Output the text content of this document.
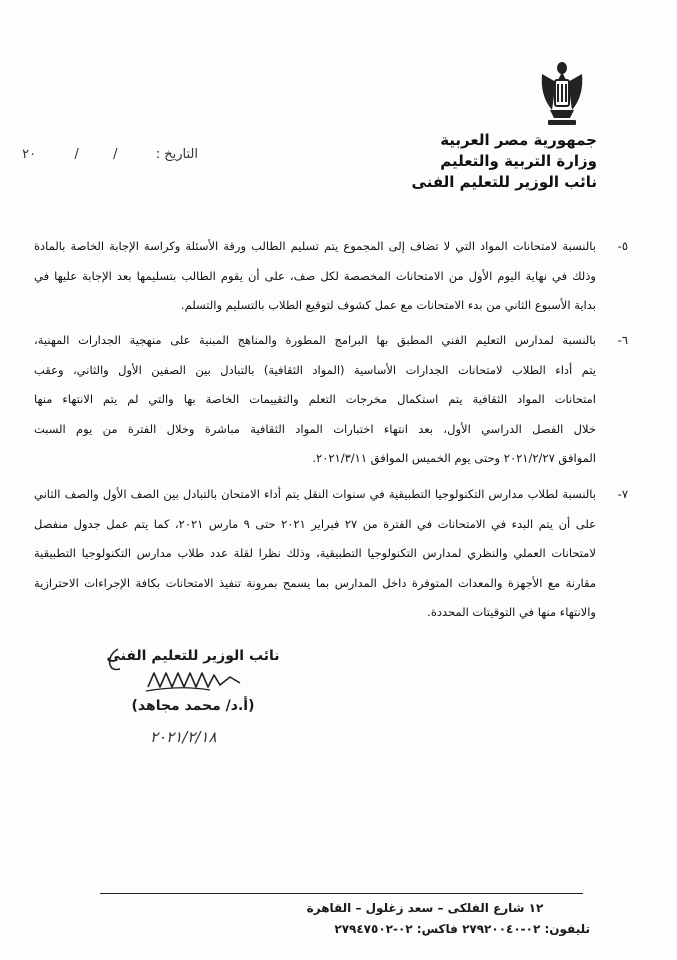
جمهورية مصر العربية
وزارة التربية والتعليم
نائب الوزير للتعليم الفنى
التاريخ :  /  /  ٢٠
٥-
بالنسبة لامتحانات المواد التي لا تضاف إلى المجموع يتم تسليم الطالب ورقة الأسئلة وكراسة الإجابة الخاصة بالمادة
وذلك في نهاية اليوم الأول من الامتحانات المخصصة لكل صف، على أن يقوم الطالب بتسليمها بعد الإجابة عليها في
بداية الأسبوع الثاني من بدء الامتحانات مع عمل كشوف لتوقيع الطلاب بالتسليم والتسلم.
٦-
بالنسبة لمدارس التعليم الفني المطبق بها البرامج المطورة والمناهج المبنية على منهجية الجدارات المهنية،
يتم أداء الطلاب لامتحانات الجدارات الأساسية (المواد الثقافية) بالتبادل بين الصفين الأول والثاني، وعقب
امتحانات المواد الثقافية يتم استكمال مخرجات التعلم والتقييمات الخاصة بها والتي لم يتم الانتهاء منها
خلال الفصل الدراسي الأول، بعد انتهاء اختبارات المواد الثقافية مباشرة وخلال الفترة من يوم السبت
الموافق ٢٠٢١/٢/٢٧ وحتى يوم الخميس الموافق ٢٠٢١/٣/١١.
٧-
بالنسبة لطلاب مدارس التكنولوجيا التطبيقية في سنوات النقل يتم أداء الامتحان بالتبادل بين الصف الأول والصف الثاني
على أن يتم البدء في الامتحانات في الفترة من ٢٧ فبراير ٢٠٢١ حتى ٩ مارس ٢٠٢١، كما يتم عمل جدول منفصل
لامتحانات العملي والنظري لمدارس التكنولوجيا التطبيقية، وذلك نظرا لقلة عدد طلاب مدارس التكنولوجيا التطبيقية
مقارنة مع الأجهزة والمعدات المتوفرة داخل المدارس بما يسمح بمرونة تنفيذ الامتحانات بكافة الإجراءات الاحترازية
والانتهاء منها في التوقيتات المحددة.
نائب الوزير للتعليم الفنى
(أ.د/ محمد مجاهد)
٢٠٢١/٢/١٨
١٢ شارع الفلكى – سعد زغلول – القاهرة
تليفون: ٠٢-٢٧٩٢٠٠٤٠ فاكس: ٠٢-٢٧٩٤٧٥٠٢
